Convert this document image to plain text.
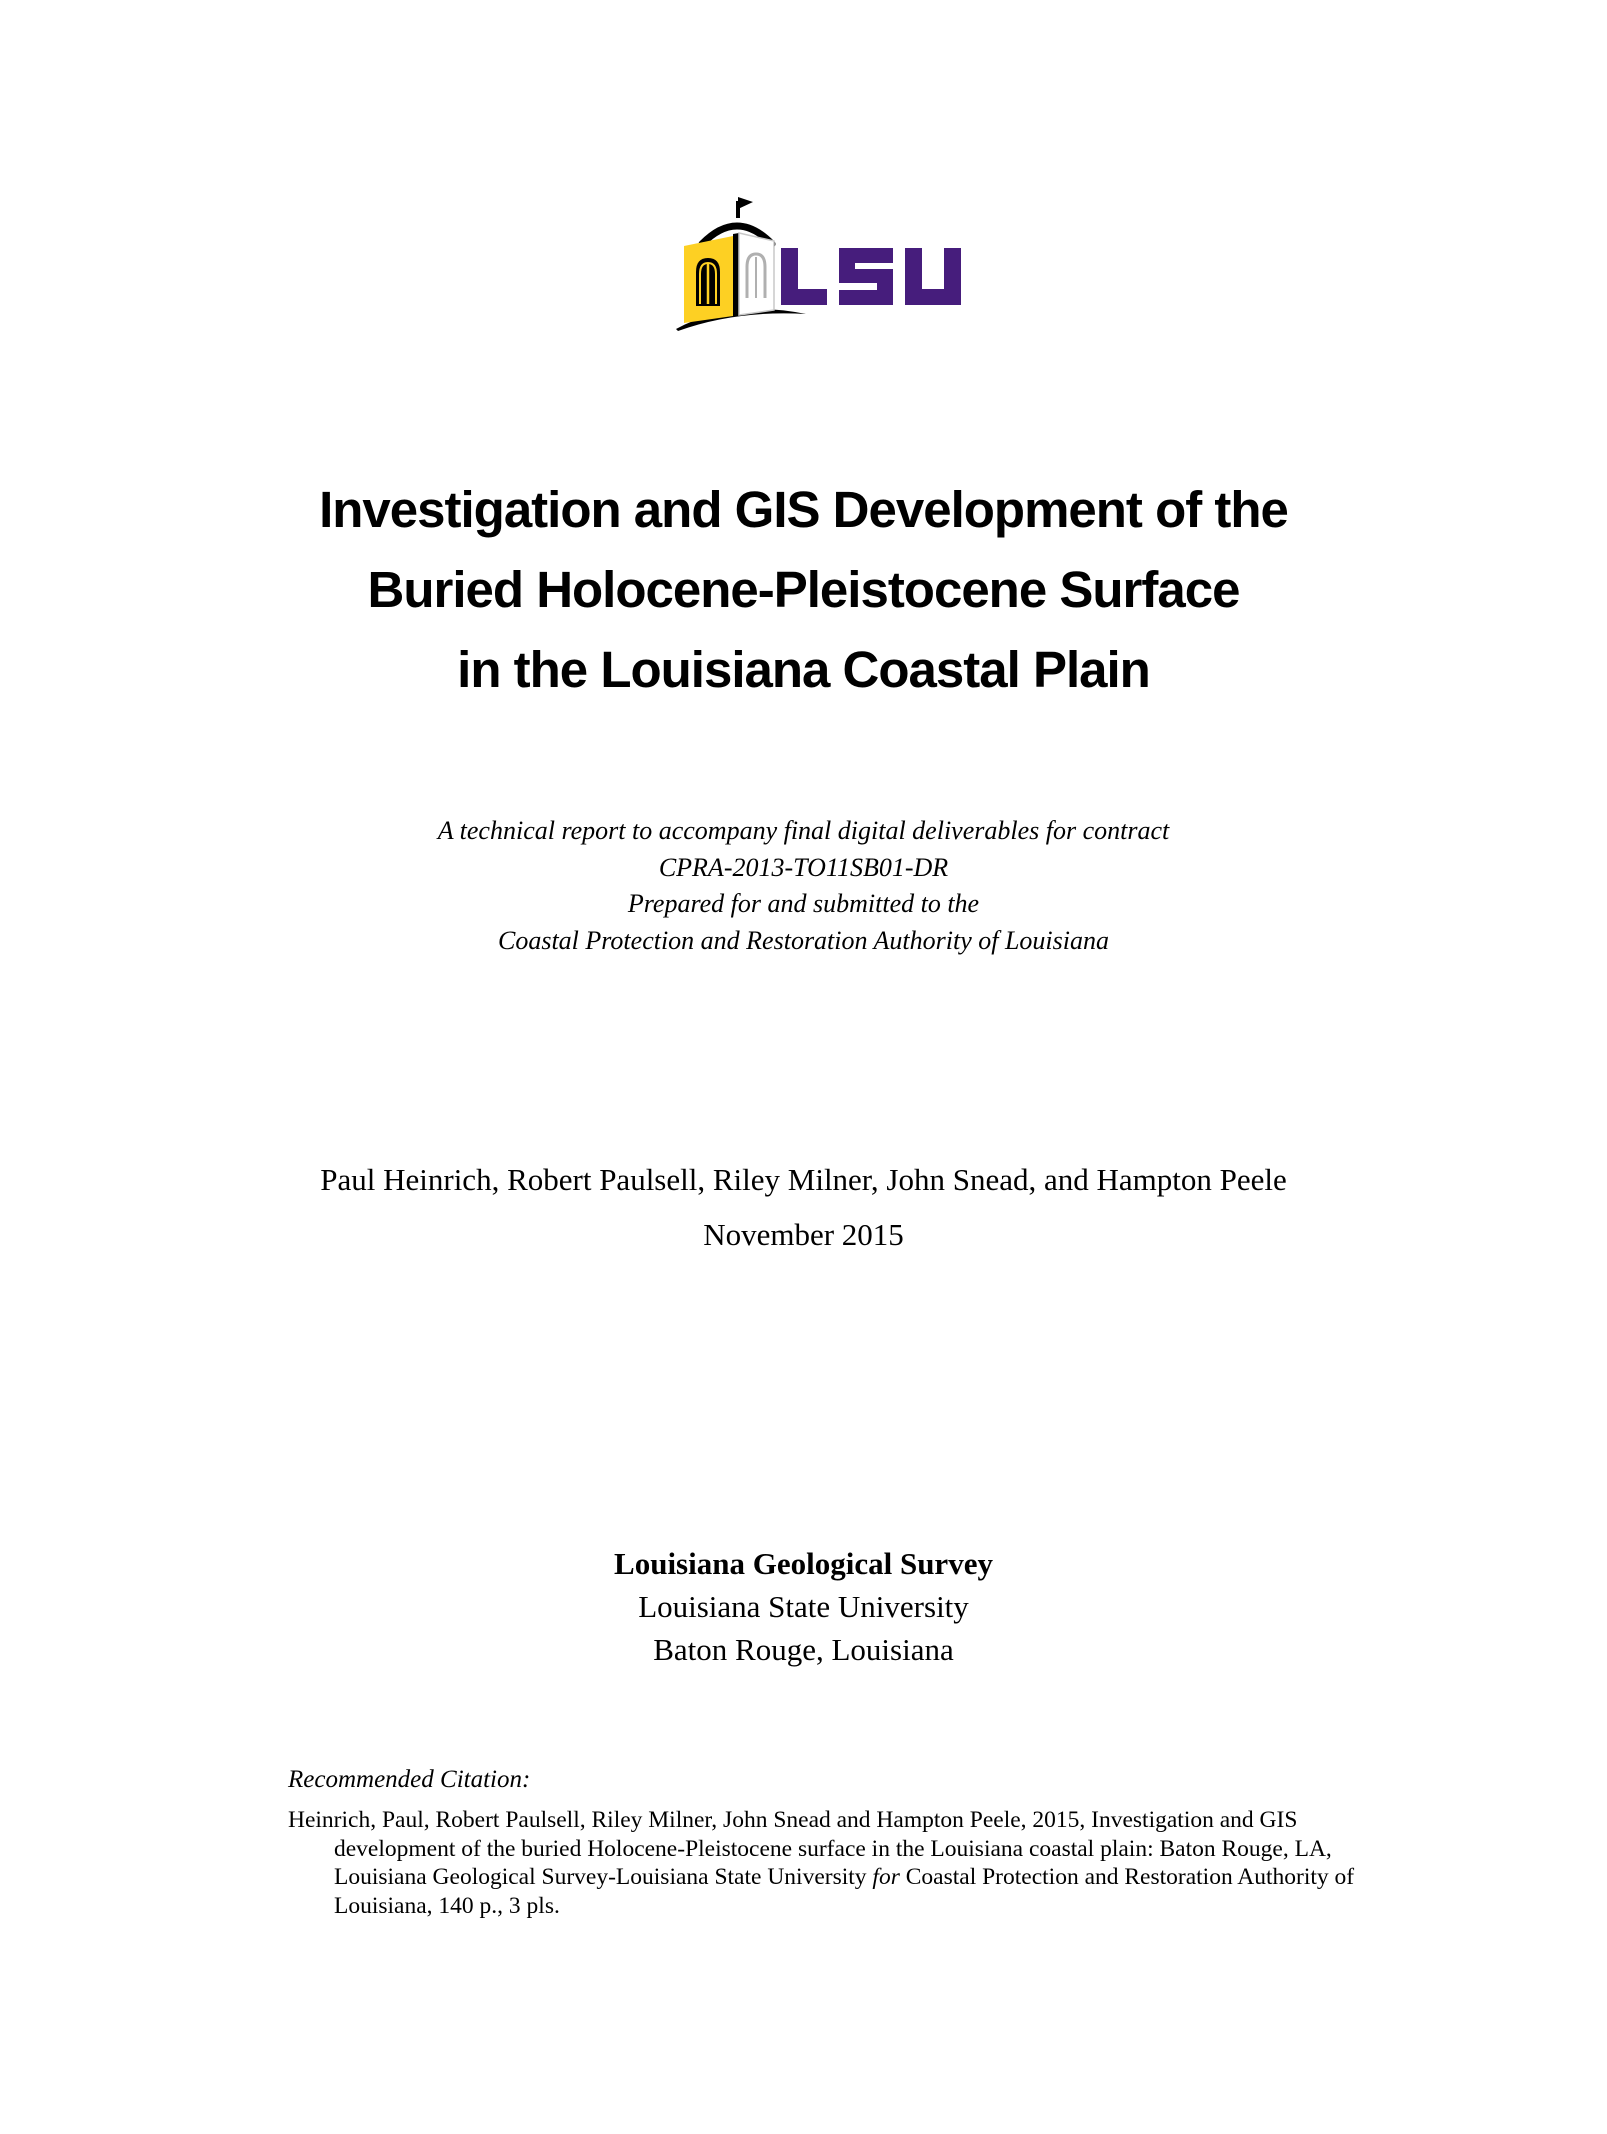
Investigation and GIS Development of the
Buried Holocene-Pleistocene Surface
in the Louisiana Coastal Plain
A technical report to accompany final digital deliverables for contract
CPRA-2013-TO11SB01-DR
Prepared for and submitted to the
Coastal Protection and Restoration Authority of Louisiana
Paul Heinrich, Robert Paulsell, Riley Milner, John Snead, and Hampton Peele
November 2015
Louisiana Geological Survey
Louisiana State University
Baton Rouge, Louisiana
Recommended Citation:

Heinrich, Paul, Robert Paulsell, Riley Milner, John Snead and Hampton Peele, 2015, Investigation and GIS development of the buried Holocene-Pleistocene surface in the Louisiana coastal plain: Baton Rouge, LA, Louisiana Geological Survey-Louisiana State University for Coastal Protection and Restoration Authority of Louisiana, 140 p., 3 pls.
